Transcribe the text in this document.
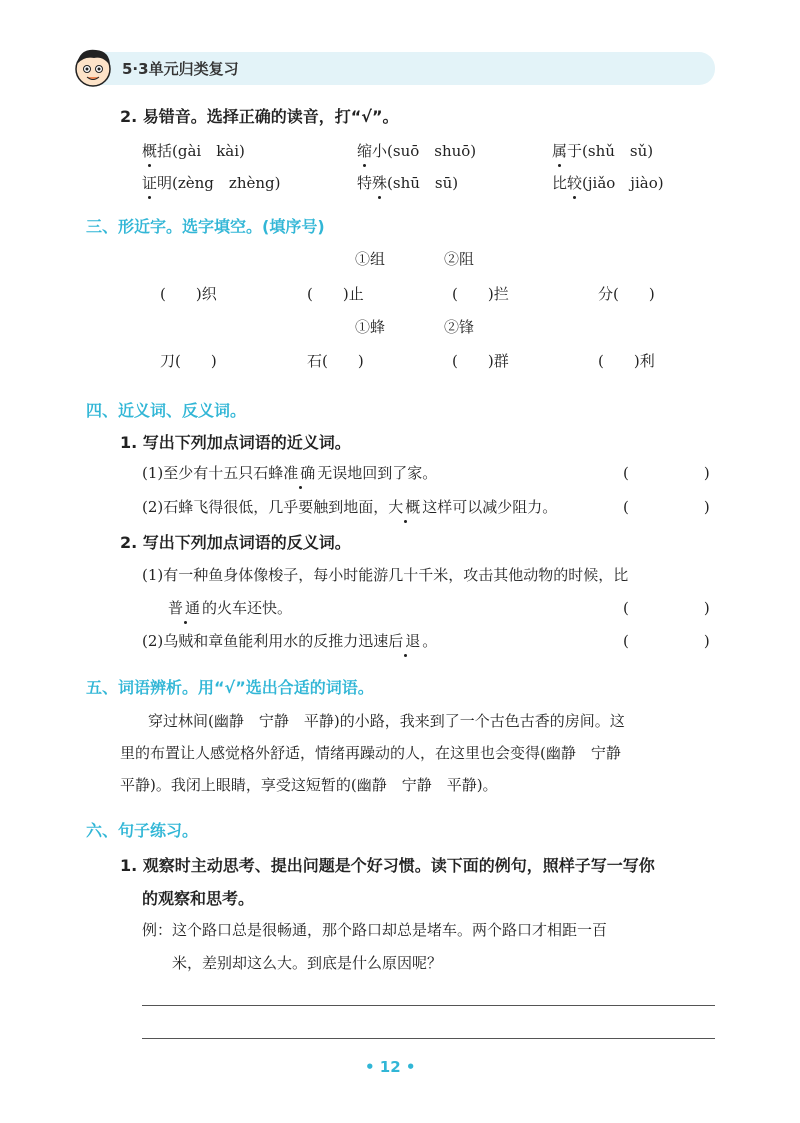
5·3单元归类复习
2. 易错音。选择正确的读音，打“√”。
概括(gài　kài)	缩小(suō　shuō)	属于(shǔ　sǔ)
证明(zèng　zhèng)	特殊(shū　sū)	比较(jiǎo　jiào)
三、形近字。选字填空。(填序号)
①组	②阻
(　　)织	(　　)止	(　　)拦	分(　　)
①蜂	②锋
刀(　　)	石(　　)	(　　)群	(　　)利
四、近义词、反义词。
1. 写出下列加点词语的近义词。
(1)至少有十五只石蜂准确无误地回到了家。	(　　　　　)
(2)石蜂飞得很低，几乎要触到地面，大概这样可以减少阻力。	(　　　　　)
2. 写出下列加点词语的反义词。
(1)有一种鱼身体像梭子，每小时能游几十千米，攻击其他动物的时候，比
普通的火车还快。	(　　　　　)
(2)乌贼和章鱼能利用水的反推力迅速后退。	(　　　　　)
五、词语辨析。用“√”选出合适的词语。
穿过林间(幽静　宁静　平静)的小路，我来到了一个古色古香的房间。这
里的布置让人感觉格外舒适，情绪再躁动的人，在这里也会变得(幽静　宁静
平静)。我闭上眼睛，享受这短暂的(幽静　宁静　平静)。
六、句子练习。
1. 观察时主动思考、提出问题是个好习惯。读下面的例句，照样子写一写你
的观察和思考。
例：这个路口总是很畅通，那个路口却总是堵车。两个路口才相距一百
米，差别却这么大。到底是什么原因呢？
• 12 •
